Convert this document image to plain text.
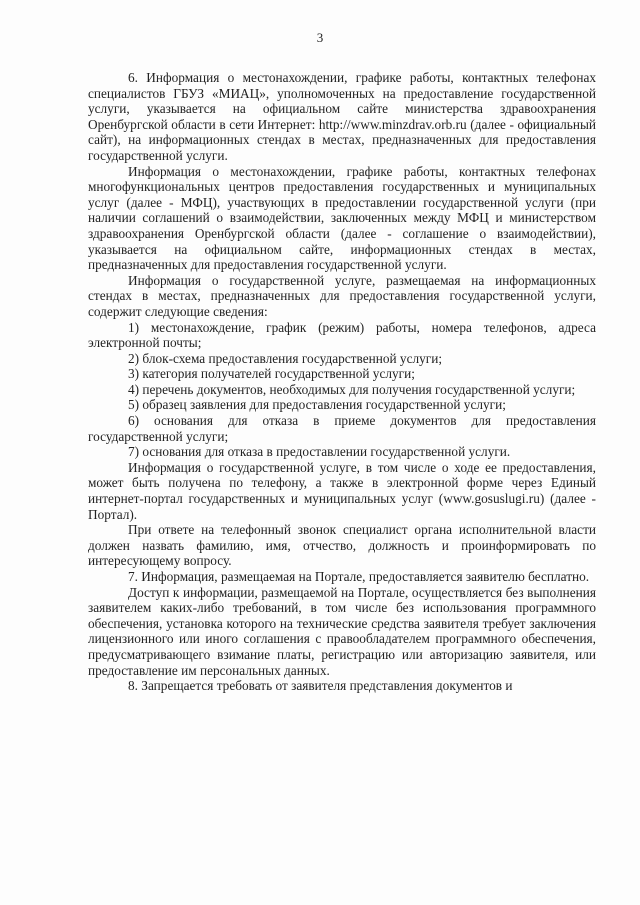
3

6. Информация о местонахождении, графике работы, контактных телефонах специалистов ГБУЗ «МИАЦ», уполномоченных на предоставление государственной услуги, указывается на официальном сайте министерства здравоохранения Оренбургской области в сети Интернет: http://www.minzdrav.orb.ru (далее - официальный сайт), на информационных стендах в местах, предназначенных для предоставления государственной услуги.

Информация о местонахождении, графике работы, контактных телефонах многофункциональных центров предоставления государственных и муниципальных услуг (далее - МФЦ), участвующих в предоставлении государственной услуги (при наличии соглашений о взаимодействии, заключенных между МФЦ и министерством здравоохранения Оренбургской области (далее - соглашение о взаимодействии), указывается на официальном сайте, информационных стендах в местах, предназначенных для предоставления государственной услуги.

Информация о государственной услуге, размещаемая на информационных стендах в местах, предназначенных для предоставления государственной услуги, содержит следующие сведения:

1) местонахождение, график (режим) работы, номера телефонов, адреса электронной почты;

2) блок-схема предоставления государственной услуги;

3) категория получателей государственной услуги;

4) перечень документов, необходимых для получения государственной услуги;

5) образец заявления для предоставления государственной услуги;

6) основания для отказа в приеме документов для предоставления государственной услуги;

7) основания для отказа в предоставлении государственной услуги.

Информация о государственной услуге, в том числе о ходе ее предоставления, может быть получена по телефону, а также в электронной форме через Единый интернет-портал государственных и муниципальных услуг (www.gosuslugi.ru) (далее - Портал).

При ответе на телефонный звонок специалист органа исполнительной власти должен назвать фамилию, имя, отчество, должность и проинформировать по интересующему вопросу.

7. Информация, размещаемая на Портале, предоставляется заявителю бесплатно.

Доступ к информации, размещаемой на Портале, осуществляется без выполнения заявителем каких-либо требований, в том числе без использования программного обеспечения, установка которого на технические средства заявителя требует заключения лицензионного или иного соглашения с правообладателем программного обеспечения, предусматривающего взимание платы, регистрацию или авторизацию заявителя, или предоставление им персональных данных.

8. Запрещается требовать от заявителя представления документов и
